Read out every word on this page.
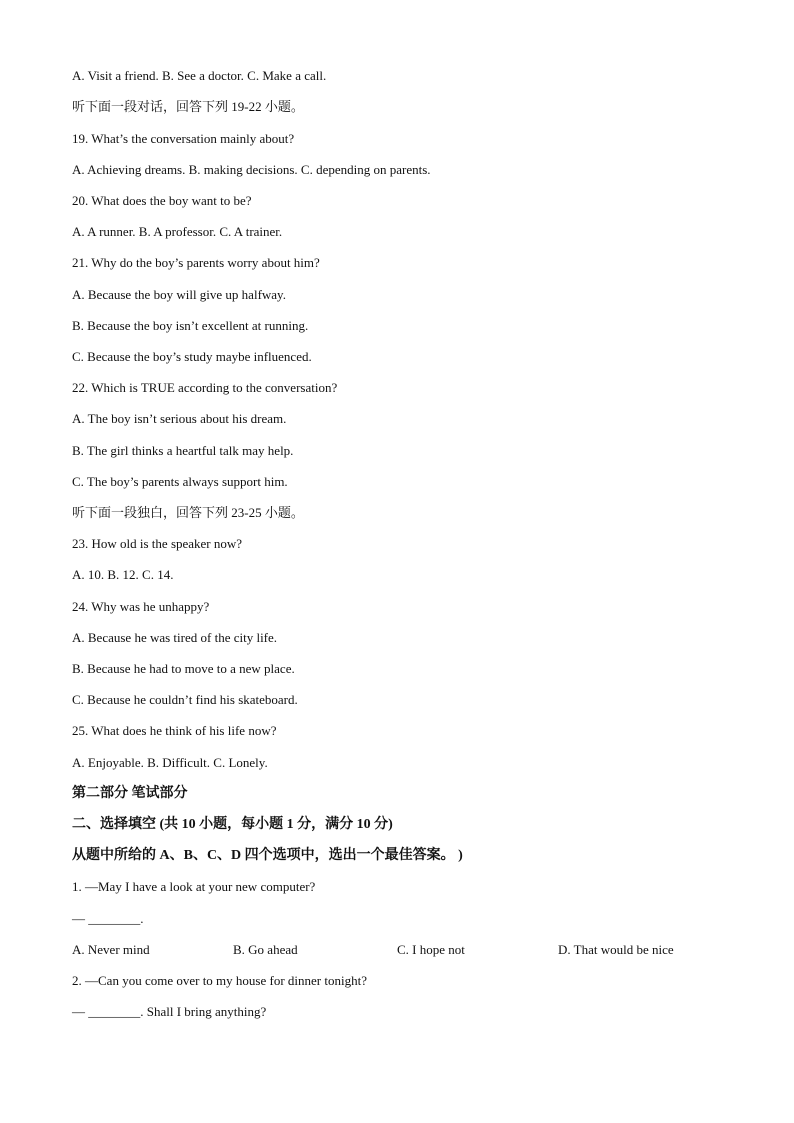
A. Visit a friend. B. See a doctor. C. Make a call.
听下面一段对话，回答下列 19-22 小题。
19. What’s the conversation mainly about?
A. Achieving dreams. B. making decisions. C. depending on parents.
20. What does the boy want to be?
A. A runner. B. A professor. C. A trainer.
21. Why do the boy’s parents worry about him?
A. Because the boy will give up halfway.
B. Because the boy isn’t excellent at running.
C. Because the boy’s study maybe influenced.
22. Which is TRUE according to the conversation?
A. The boy isn’t serious about his dream.
B. The girl thinks a heartful talk may help.
C. The boy’s parents always support him.
听下面一段独白，回答下列 23-25 小题。
23. How old is the speaker now?
A. 10. B. 12. C. 14.
24. Why was he unhappy?
A. Because he was tired of the city life.
B. Because he had to move to a new place.
C. Because he couldn’t find his skateboard.
25. What does he think of his life now?
A. Enjoyable. B. Difficult. C. Lonely.
第二部分 笔试部分
二、选择填空 (共 10 小题，每小题 1 分，满分 10 分)
从题中所给的 A、B、C、D 四个选项中，选出一个最佳答案。 )
1. —May I have a look at your new computer?
— ________.
A. Never mind	B. Go ahead	C. I hope not	D. That would be nice
2. —Can you come over to my house for dinner tonight?
— ________. Shall I bring anything?
